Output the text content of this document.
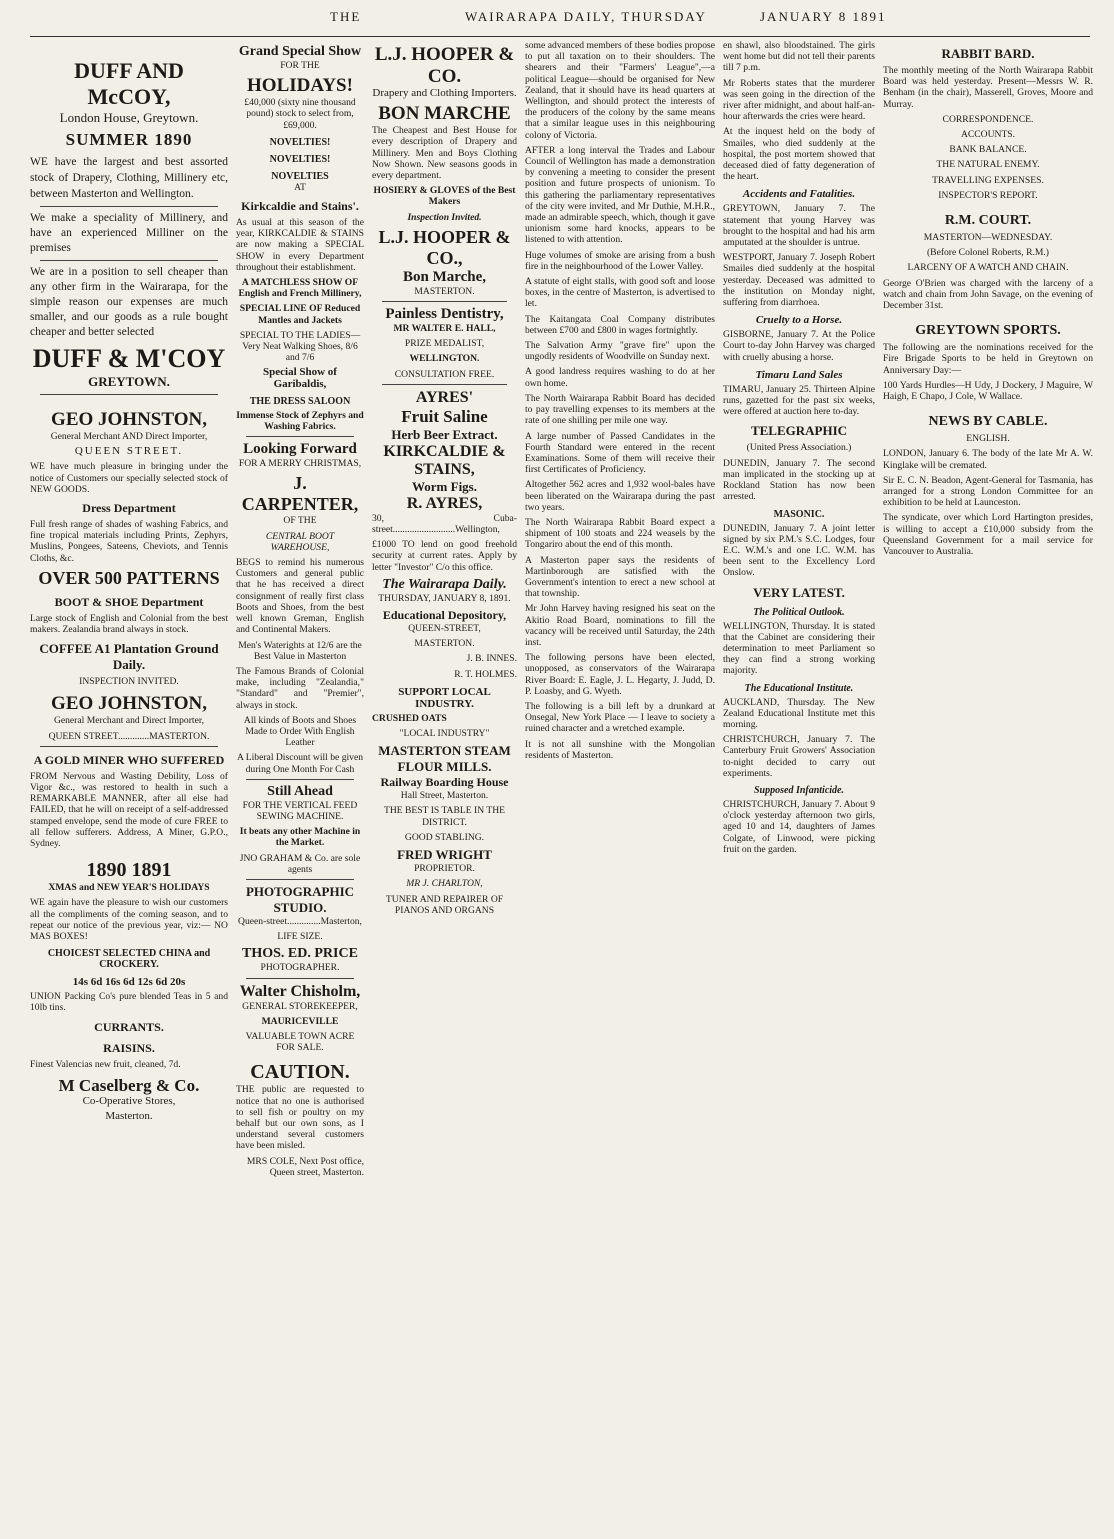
THE	WAIRARAPA DAILY, THURSDAY	JANUARY 8 1891

DUFF AND McCOY,

London House, Greytown.

SUMMER 1890

WE have the largest and best assorted stock of Drapery, Clothing, Millinery etc, between Masterton and Wellington.

We make a speciality of Millinery, and have an experienced Milliner on the premises

We are in a position to sell cheaper than any other firm in the Wairarapa, for the simple reason our expenses are much smaller, and our goods as a rule bought cheaper and better selected

DUFF & M'COY

GREYTOWN.

GEO JOHNSTON,

General Merchant AND Direct Importer,

QUEEN STREET.

WE have much pleasure in bringing under the notice of Customers our specially selected stock of NEW GOODS.

Dress Department

Full fresh range of shades of washing Fabrics, and fine tropical materials including Prints, Zephyrs, Muslins, Pongees, Sateens, Cheviots, and Tennis Cloths, &c.

OVER 500 PATTERNS

BOOT & SHOE Department

Large stock of English and Colonial from the best makers. Zealandia brand always in stock.

COFFEE A1 Plantation Ground Daily.

INSPECTION INVITED.

GEO JOHNSTON,

General Merchant and Direct Importer,

QUEEN STREET.............MASTERTON.

A GOLD MINER WHO SUFFERED

FROM Nervous and Wasting Debility, Loss of Vigor &c., was restored to health in such a REMARKABLE MANNER, after all else had FAILED, that he will on receipt of a self-addressed stamped envelope, send the mode of cure FREE to all fellow sufferers. Address, A Miner, G.P.O., Sydney.

1890 1891

XMAS and NEW YEAR'S HOLIDAYS

WE again have the pleasure to wish our customers all the compliments of the coming season, and to repeat our notice of the previous year, viz:— NO MAS BOXES!

CHOICEST SELECTED CHINA and CROCKERY.

14s 6d 16s 6d 12s 6d 20s

UNION Packing Co's pure blended Teas in 5 and 10lb tins.

CURRANTS.

RAISINS.

Finest Valencias new fruit, cleaned, 7d.

M Caselberg & Co.

Co-Operative Stores,

Masterton.

Grand Special Show

FOR THE

HOLIDAYS!

£40,000 (sixty nine thousand pound) stock to select from, £69,000.

NOVELTIES!

NOVELTIES!

NOVELTIES

AT

Kirkcaldie and Stains'.

As usual at this season of the year, KIRKCALDIE & STAINS are now making a SPECIAL SHOW in every Department throughout their establishment.

A MATCHLESS SHOW OF English and French Millinery,

SPECIAL LINE OF Reduced Mantles and Jackets

SPECIAL TO THE LADIES— Very Neat Walking Shoes, 8/6 and 7/6

Special Show of Garibaldis,

THE DRESS SALOON

Immense Stock of Zephyrs and Washing Fabrics.

Looking Forward

FOR A MERRY CHRISTMAS,

J. CARPENTER,

OF THE

CENTRAL BOOT WAREHOUSE,

BEGS to remind his numerous Customers and general public that he has received a direct consignment of really first class Boots and Shoes, from the best well known Greman, English and Continental Makers.

Men's Waterights at 12/6 are the Best Value in Masterton

The Famous Brands of Colonial make, including "Zealandia," "Standard" and "Premier", always in stock.

All kinds of Boots and Shoes Made to Order With English Leather

A Liberal Discount will be given during One Month For Cash

Still Ahead

FOR THE VERTICAL FEED SEWING MACHINE.

It beats any other Machine in the Market.

JNO GRAHAM & Co. are sole agents

PHOTOGRAPHIC STUDIO.

Queen-street..............Masterton,

LIFE SIZE.

THOS. ED. PRICE

PHOTOGRAPHER.

Walter Chisholm,

GENERAL STOREKEEPER,

MAURICEVILLE

VALUABLE TOWN ACRE FOR SALE.

CAUTION.

THE public are requested to notice that no one is authorised to sell fish or poultry on my behalf but our own sons, as I understand several customers have been misled.

MRS COLE, Next Post office, Queen street, Masterton.

L.J. HOOPER & CO.

Drapery and Clothing Importers.

BON MARCHE

The Cheapest and Best House for every description of Drapery and Millinery. Men and Boys Clothing Now Shown. New seasons goods in every department.

HOSIERY & GLOVES of the Best Makers

Inspection Invited.

L.J. HOOPER & CO.,

Bon Marche,

MASTERTON.

Painless Dentistry,

MR WALTER E. HALL,

PRIZE MEDALIST,

WELLINGTON.

CONSULTATION FREE.

AYRES'

Fruit Saline

Herb Beer Extract.

KIRKCALDIE & STAINS,

Worm Figs.

R. AYRES,

30, Cuba-street..........................Wellington,

£1000 TO lend on good freehold security at current rates. Apply by letter "Investor" C/o this office.

The Wairarapa Daily.

THURSDAY, JANUARY 8, 1891.

Educational Depository,

QUEEN-STREET,

MASTERTON.

J. B. INNES.

R. T. HOLMES.

SUPPORT LOCAL INDUSTRY.

CRUSHED OATS

"LOCAL INDUSTRY"

MASTERTON STEAM FLOUR MILLS.

Railway Boarding House

Hall Street, Masterton.

THE BEST IS TABLE IN THE DISTRICT.

GOOD STABLING.

FRED WRIGHT

PROPRIETOR.

MR J. CHARLTON,

TUNER AND REPAIRER OF PIANOS AND ORGANS

some advanced members of these bodies propose to put all taxation on to their shoulders. The shearers and their "Farmers' League",—a political League—should be organised for New Zealand, that it should have its head quarters at Wellington, and should protect the interests of the producers of the colony by the same means that a similar league uses in this neighbouring colony of Victoria.

AFTER a long interval the Trades and Labour Council of Wellington has made a demonstration by convening a meeting to consider the present position and future prospects of unionism. To this gathering the parliamentary representatives of the city were invited, and Mr Duthie, M.H.R., made an admirable speech, which, though it gave unionism some hard knocks, appears to be listened to with attention.

Huge volumes of smoke are arising from a bush fire in the neighbourhood of the Lower Valley.

A statute of eight stalls, with good soft and loose boxes, in the centre of Masterton, is advertised to let.

The Kaitangata Coal Company distributes between £700 and £800 in wages fortnightly.

The Salvation Army "grave fire" upon the ungodly residents of Woodville on Sunday next.

A good landress requires washing to do at her own home.

The North Wairarapa Rabbit Board has decided to pay travelling expenses to its members at the rate of one shilling per mile one way.

A large number of Passed Candidates in the Fourth Standard were entered in the recent Examinations. Some of them will receive their first Certificates of Proficiency.

Altogether 562 acres and 1,932 wool-bales have been liberated on the Wairarapa during the past two years.

The North Wairarapa Rabbit Board expect a shipment of 100 stoats and 224 weasels by the Tongariro about the end of this month.

A Masterton paper says the residents of Martinborough are satisfied with the Government's intention to erect a new school at that township.

Mr John Harvey having resigned his seat on the Akitio Road Board, nominations to fill the vacancy will be received until Saturday, the 24th inst.

The following persons have been elected, unopposed, as conservators of the Wairarapa River Board: E. Eagle, J. L. Hegarty, J. Judd, D. P. Loasby, and G. Wyeth.

The following is a bill left by a drunkard at Onsegal, New York Place — I leave to society a ruined character and a wretched example.

It is not all sunshine with the Mongolian residents of Masterton.

en shawl, also bloodstained. The girls went home but did not tell their parents till 7 p.m.

Mr Roberts states that the murderer was seen going in the direction of the river after midnight, and about half-an-hour afterwards the cries were heard.

At the inquest held on the body of Smailes, who died suddenly at the hospital, the post mortem showed that deceased died of fatty degeneration of the heart.

Accidents and Fatalities.

GREYTOWN, January 7. The statement that young Harvey was brought to the hospital and had his arm amputated at the shoulder is untrue.

WESTPORT, January 7. Joseph Robert Smailes died suddenly at the hospital yesterday. Deceased was admitted to the institution on Monday night, suffering from diarrhoea.

Cruelty to a Horse.

GISBORNE, January 7. At the Police Court to-day John Harvey was charged with cruelly abusing a horse.

Timaru Land Sales

TIMARU, January 25. Thirteen Alpine runs, gazetted for the past six weeks, were offered at auction here to-day.

TELEGRAPHIC

(United Press Association.)

DUNEDIN, January 7. The second man implicated in the stocking up at Rockland Station has now been arrested.

MASONIC.

DUNEDIN, January 7. A joint letter signed by six P.M.'s S.C. Lodges, four E.C. W.M.'s and one I.C. W.M. has been sent to the Excellency Lord Onslow.

VERY LATEST.

The Political Outlook.

WELLINGTON, Thursday. It is stated that the Cabinet are considering their determination to meet Parliament so they can find a strong working majority.

The Educational Institute.

AUCKLAND, Thursday. The New Zealand Educational Institute met this morning.

CHRISTCHURCH, January 7. The Canterbury Fruit Growers' Association to-night decided to carry out experiments.

Supposed Infanticide.

CHRISTCHURCH, January 7. About 9 o'clock yesterday afternoon two girls, aged 10 and 14, daughters of James Colgate, of Linwood, were picking fruit on the garden.

RABBIT BARD.

The monthly meeting of the North Wairarapa Rabbit Board was held yesterday. Present—Messrs W. R. Benham (in the chair), Masserell, Groves, Moore and Murray.

CORRESPONDENCE.

ACCOUNTS.

BANK BALANCE.

THE NATURAL ENEMY.

TRAVELLING EXPENSES.

INSPECTOR'S REPORT.

R.M. COURT.

MASTERTON—WEDNESDAY.

(Before Colonel Roberts, R.M.)

LARCENY OF A WATCH AND CHAIN.

George O'Brien was charged with the larceny of a watch and chain from John Savage, on the evening of December 31st.

GREYTOWN SPORTS.

The following are the nominations received for the Fire Brigade Sports to be held in Greytown on Anniversary Day:—

100 Yards Hurdles—H Udy, J Dockery, J Maguire, W Haigh, E Chapo, J Cole, W Wallace.

NEWS BY CABLE.

ENGLISH.

LONDON, January 6. The body of the late Mr A. W. Kinglake will be cremated.

Sir E. C. N. Beadon, Agent-General for Tasmania, has arranged for a strong London Committee for an exhibition to be held at Launceston.

The syndicate, over which Lord Hartington presides, is willing to accept a £10,000 subsidy from the Queensland Government for a mail service for Vancouver to Australia.
